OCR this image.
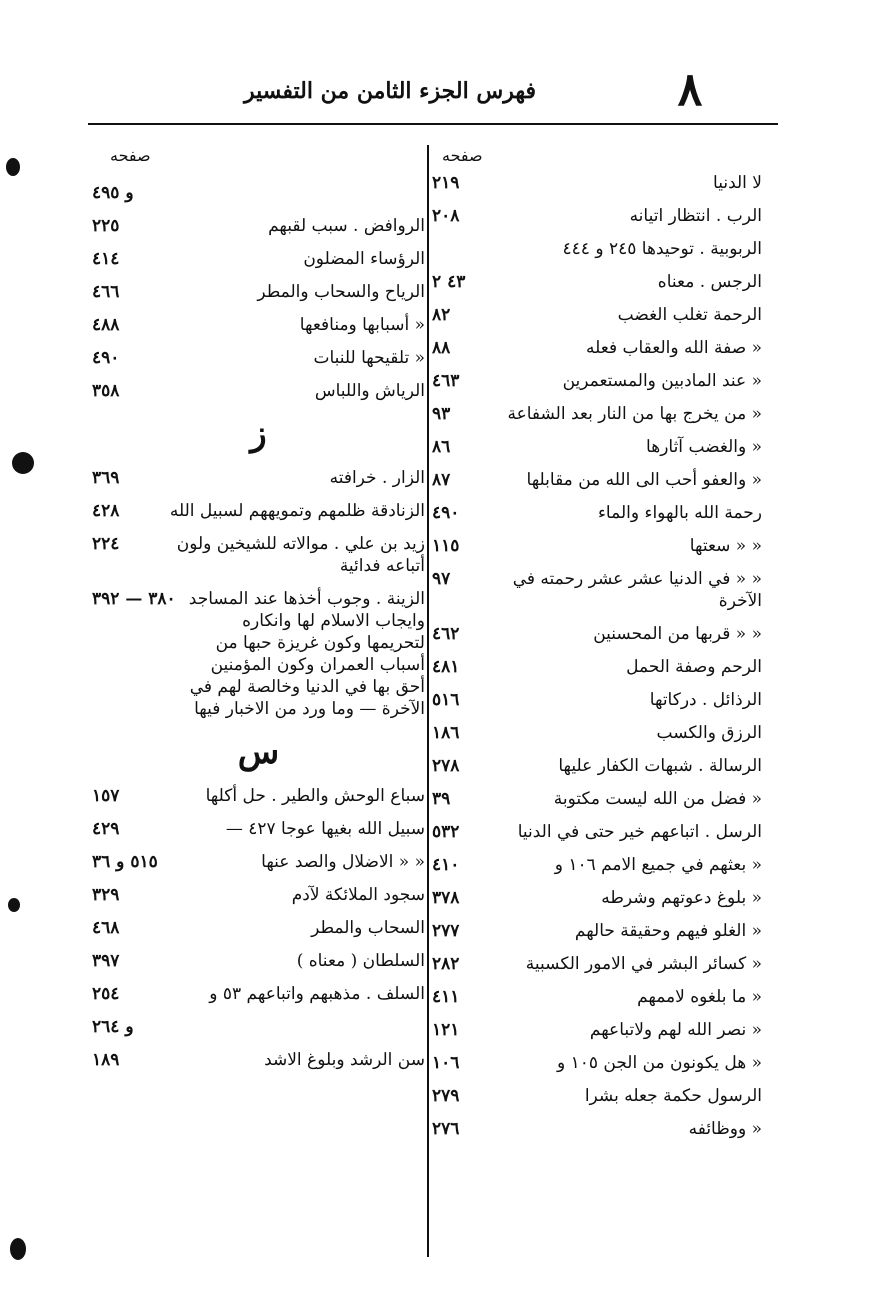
٨
فهرس الجزء الثامن من التفسير
صفحه
صفحه
لا الدنيا
٢١٩
الرب . انتظار اتيانه
٢٠٨
الربوبية . توحيدها ٢٤٥ و ٤٤٤
الرجس . معناه
٤٣ ٢
الرحمة تغلب الغضب
٨٢
« صفة الله والعقاب فعله
٨٨
« عند المادبين والمستعمرين
٤٦٣
« من يخرج بها من النار بعد الشفاعة
٩٣
« والغضب آثارها
٨٦
« والعفو أحب الى الله من مقابلها
٨٧
رحمة الله بالهواء والماء
٤٩٠
« « سعتها
١١٥
« « في الدنيا عشر عشر رحمته في الآخرة
٩٧
« « قربها من المحسنين
٤٦٢
الرحم وصفة الحمل
٤٨١
الرذائل . دركاتها
٥١٦
الرزق والكسب
١٨٦
الرسالة . شبهات الكفار عليها
٢٧٨
« فضل من الله ليست مكتوبة
٣٩
الرسل . اتباعهم خير حتى في الدنيا
٥٣٢
« بعثهم في جميع الامم ١٠٦ و
٤١٠
« بلوغ دعوتهم وشرطه
٣٧٨
« الغلو فيهم وحقيقة حالهم
٢٧٧
« كسائر البشر في الامور الكسبية
٢٨٢
« ما بلغوه لاممهم
٤١١
« نصر الله لهم ولاتباعهم
١٢١
« هل يكونون من الجن ١٠٥ و
١٠٦
الرسول حكمة جعله بشرا
٢٧٩
« ووظائفه
٢٧٦
و ٤٩٥
الروافض . سبب لقبهم
٢٢٥
الرؤساء المضلون
٤١٤
الرياح والسحاب والمطر
٤٦٦
« أسبابها ومنافعها
٤٨٨
« تلقيحها للنبات
٤٩٠
الرياش واللباس
٣٥٨
ز
الزار . خرافته
٣٦٩
الزنادقة ظلمهم وتمويههم لسبيل الله
٤٢٨
زيد بن علي . موالاته للشيخين ولون أتباعه فدائية
٢٢٤
الزينة . وجوب أخذها عند المساجد وايجاب الاسلام لها وانكاره لتحريمها وكون غريزة حبها من أسباب العمران وكون المؤمنين أحق بها في الدنيا وخالصة لهم في الآخرة — وما ورد من الاخبار فيها
٣٨٠ — ٣٩٢
س
سباع الوحش والطير . حل أكلها
١٥٧
سبيل الله بغيها عوجا ٤٢٧ —
٤٢٩
« « الاضلال والصد عنها
٥١٥ و ٣٦
سجود الملائكة لآدم
٣٢٩
السحاب والمطر
٤٦٨
السلطان ( معناه )
٣٩٧
السلف . مذهبهم واتباعهم ٥٣ و
٢٥٤
و ٢٦٤
سن الرشد وبلوغ الاشد
١٨٩
